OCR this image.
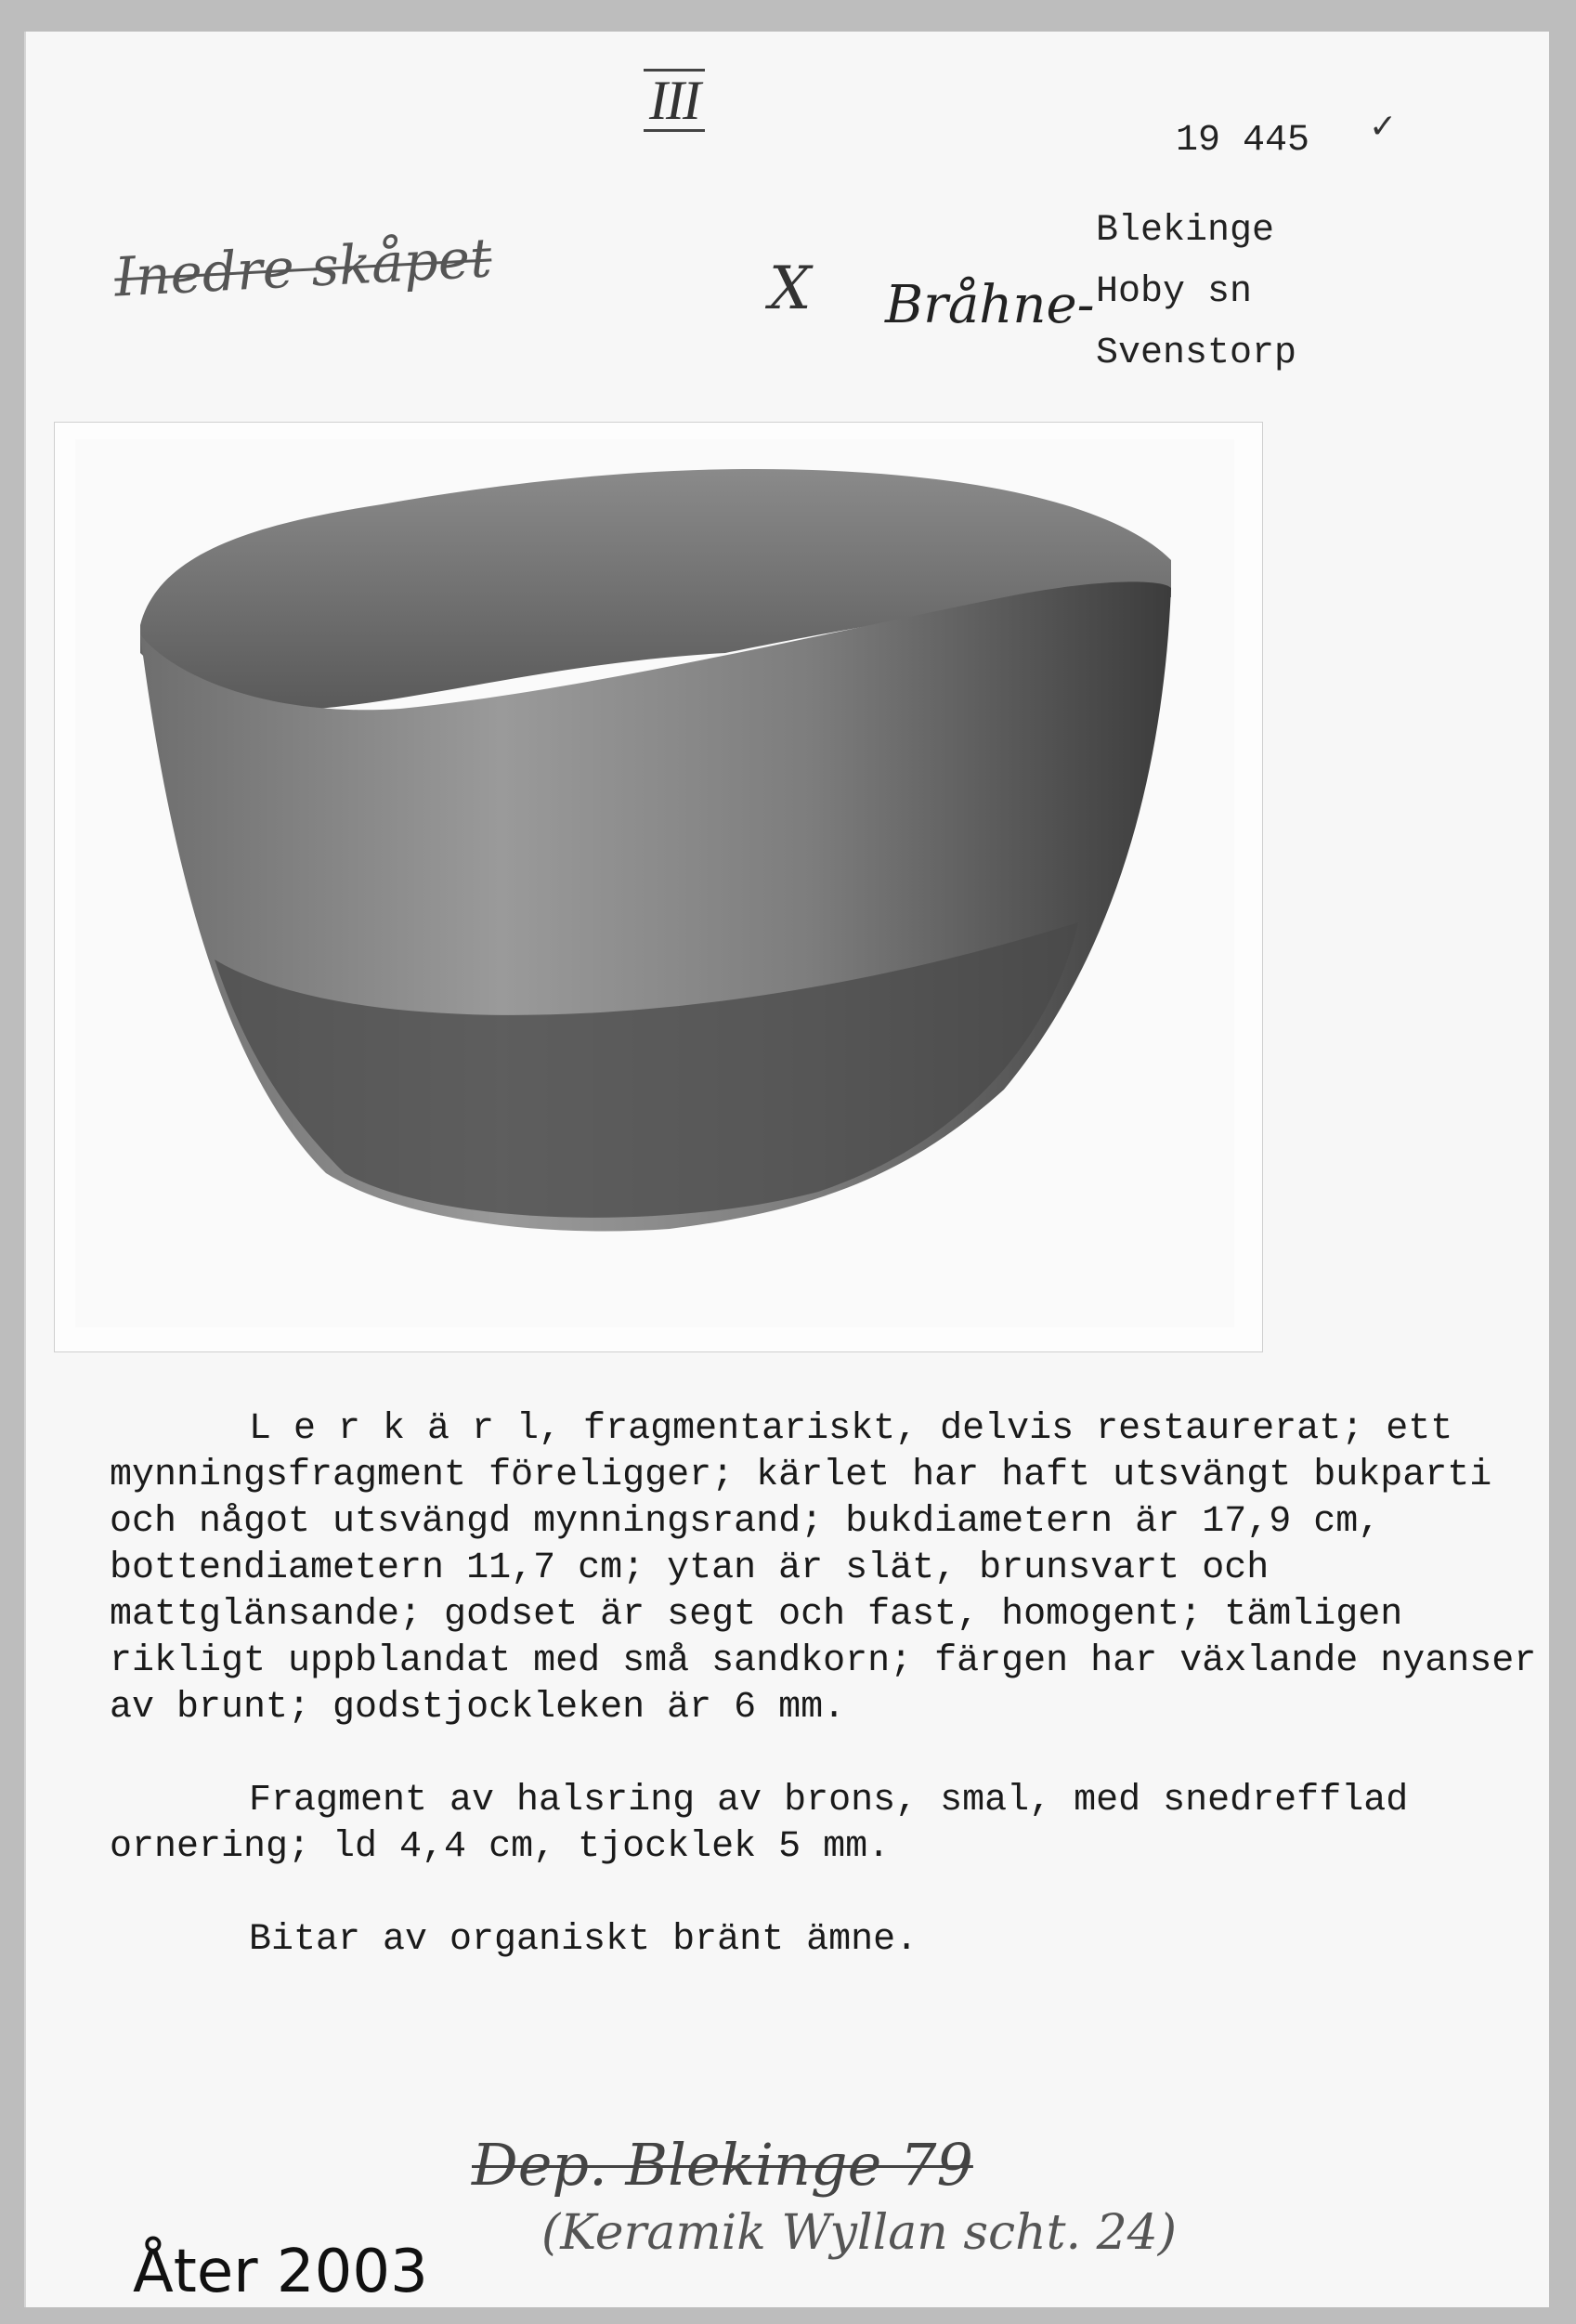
III
19 445 ✓
Blekinge
Hoby sn
Svenstorp
Inedre skåpet	X Bråhne-

L e r k ä r l, fragmentariskt, delvis restaurerat; ett mynningsfragment föreligger; kärlet har haft utsvängt bukparti och något utsvängd mynningsrand; bukdiametern är 17,9 cm, bottendiametern 11,7 cm; ytan är slät, brunsvart och mattglänsande; godset är segt och fast, homogent; tämligen rikligt uppblandat med små sandkorn; färgen har växlande nyanser av brunt; godstjockleken är 6 mm.

Fragment av halsring av brons, smal, med snedrefflad ornering; ld 4,4 cm, tjocklek 5 mm.

Bitar av organiskt bränt ämne.

Dep. Blekinge 79
(Keramik Wyllan scht. 24)
Åter 2003
